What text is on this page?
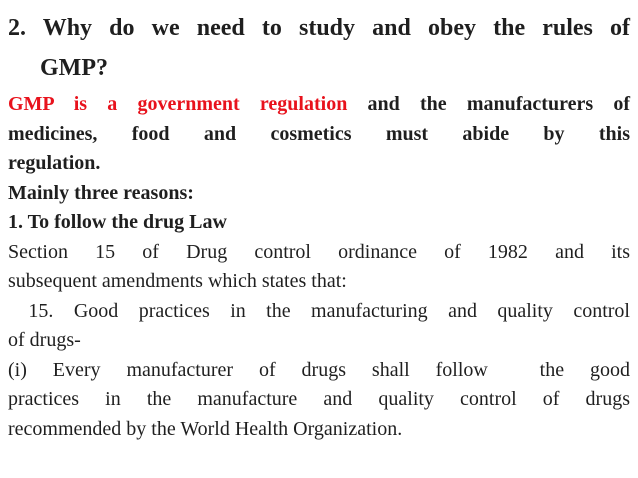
2. Why do we need to study and obey the rules of
GMP?
GMP is a government regulation and the manufacturers of
medicines, food and cosmetics must abide by this
regulation.
Mainly three reasons:
1. To follow the drug Law
Section 15 of Drug control ordinance of 1982 and its
subsequent amendments which states that:
15. Good practices in the manufacturing and quality control
of drugs-
(i) Every manufacturer of drugs shall follow  the good
practices in the manufacture and quality control of drugs
recommended by the World Health Organization.
